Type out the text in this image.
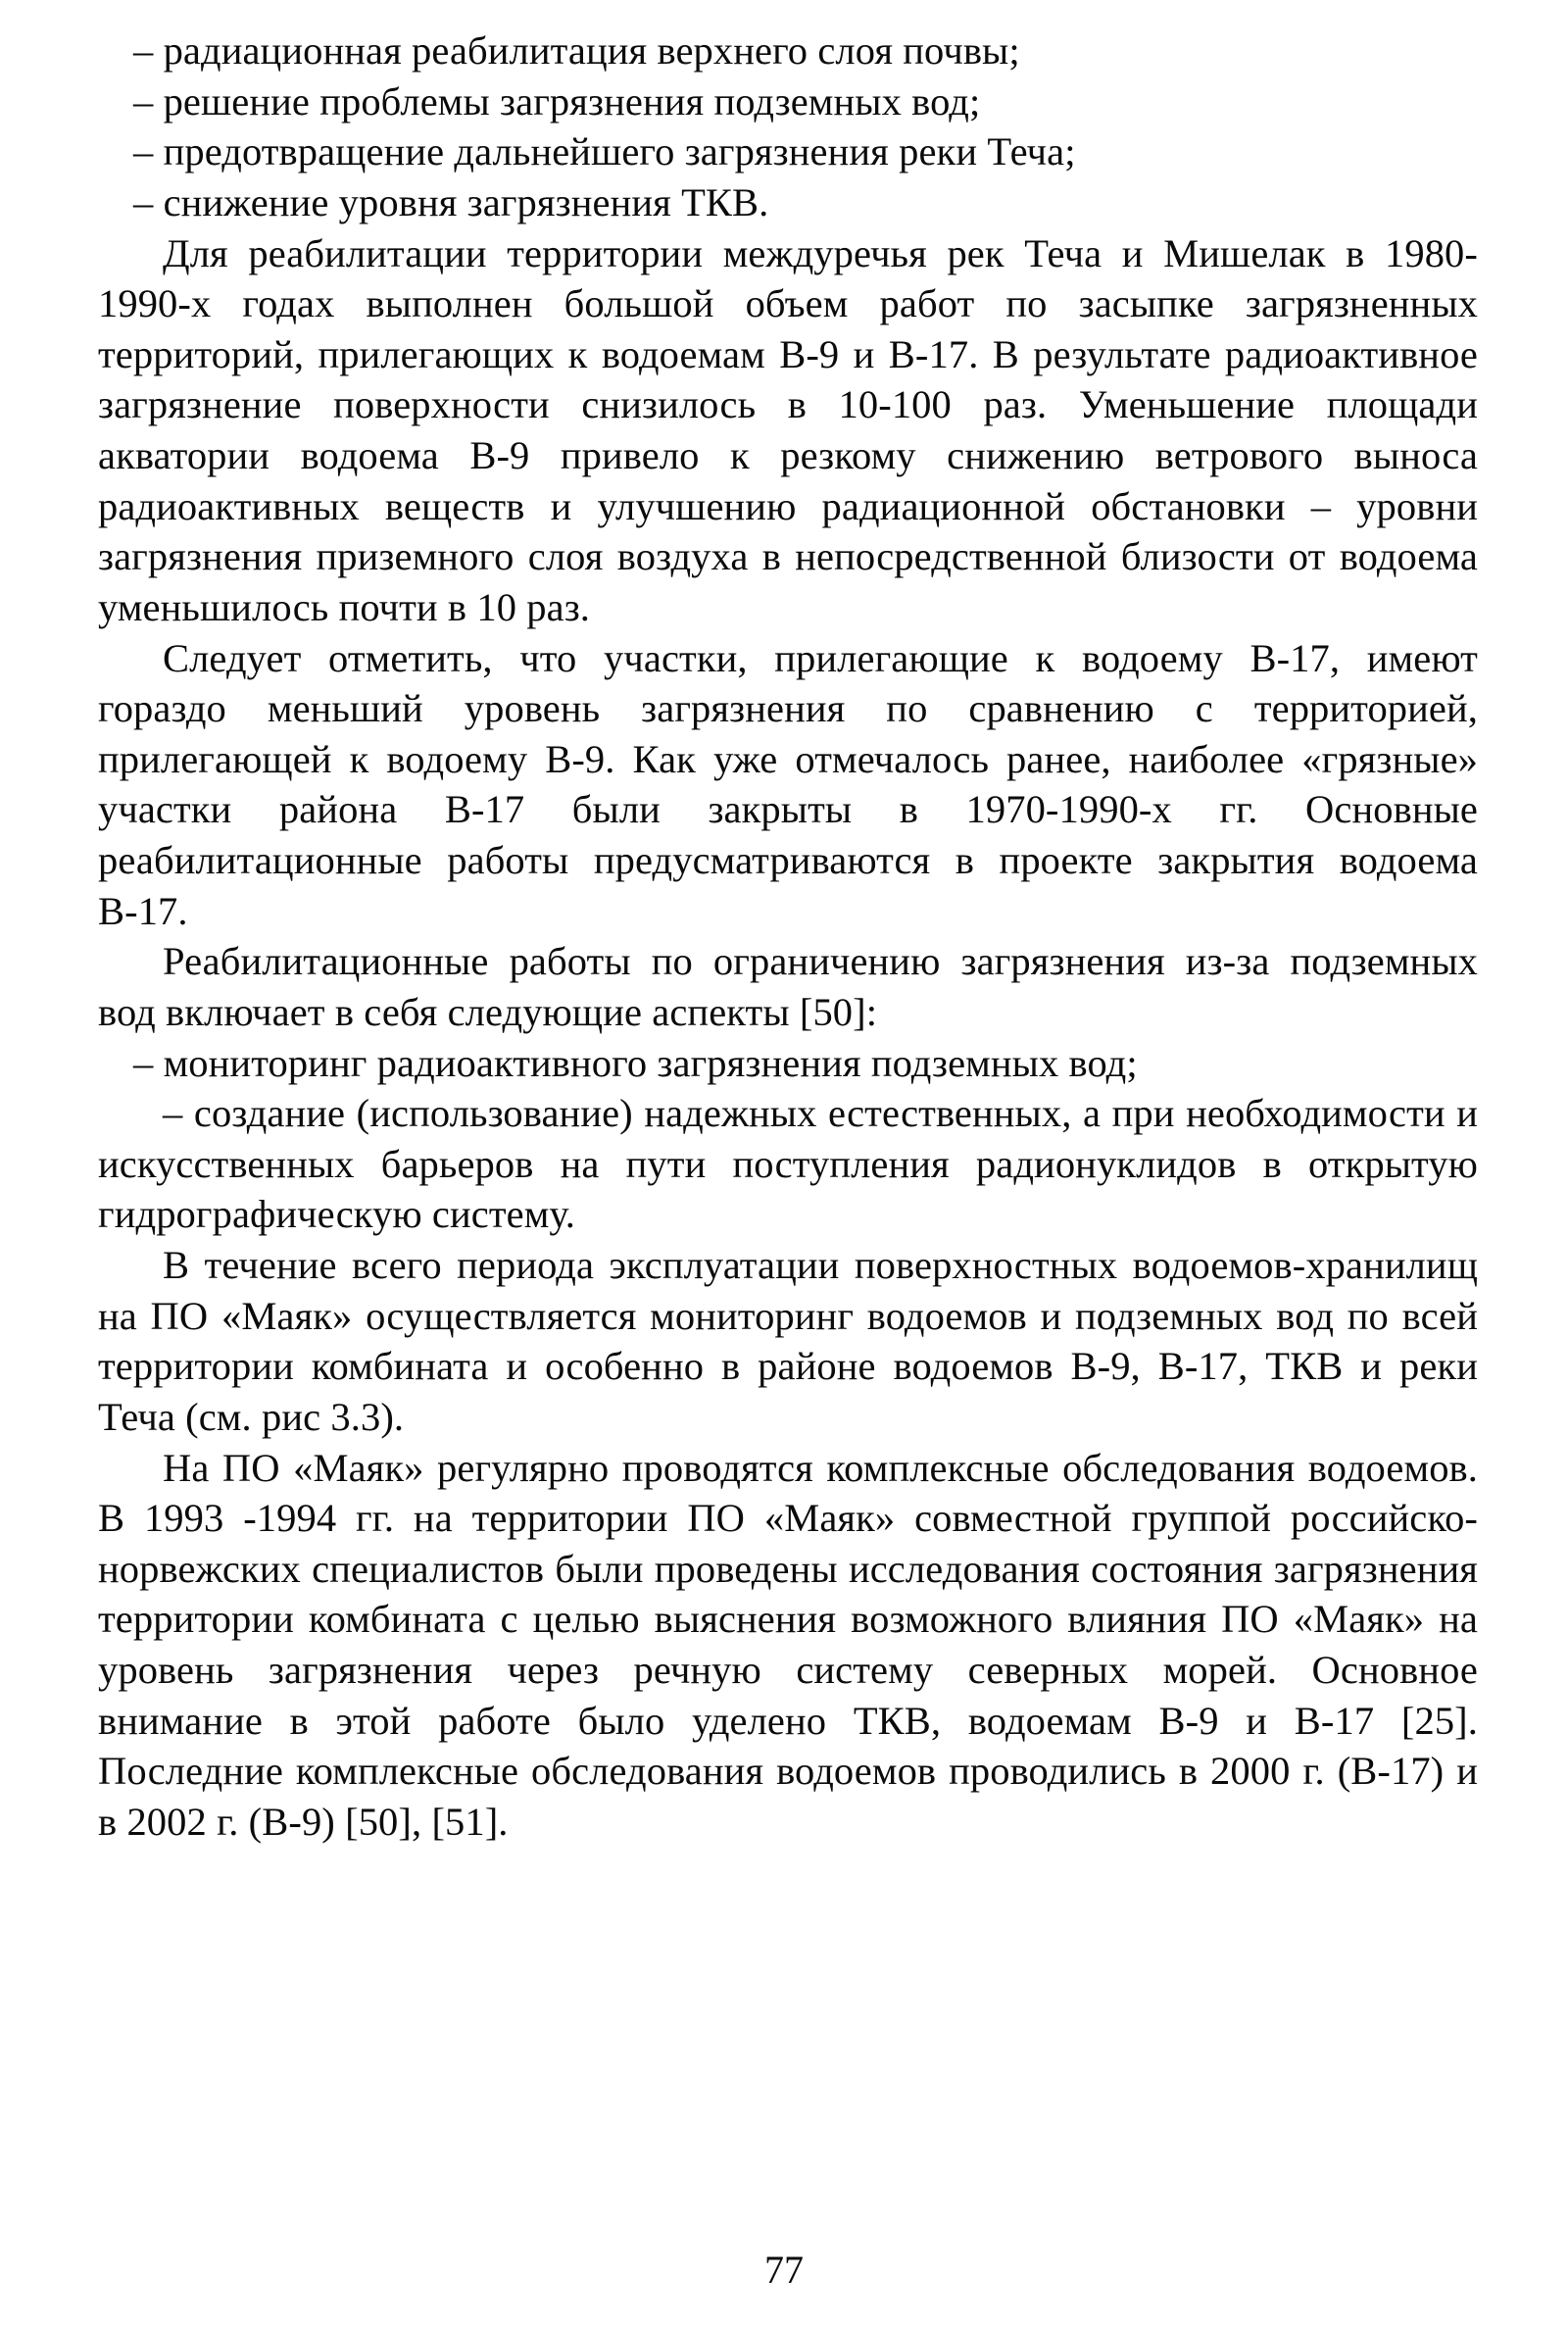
– радиационная реабилитация верхнего слоя почвы;

– решение проблемы загрязнения подземных вод;

– предотвращение дальнейшего загрязнения реки Теча;

– снижение уровня загрязнения ТКВ.

Для реабилитации территории междуречья рек Теча и Мишелак в 1980-1990-х годах выполнен большой объем работ по засыпке загрязненных территорий, прилегающих к водоемам В-9 и В-17. В результате радиоактивное загрязнение поверхности снизилось в 10-100 раз. Уменьшение площади акватории водоема В-9 привело к резкому снижению ветрового выноса радиоактивных веществ и улучшению радиационной обстановки – уровни загрязнения приземного слоя воздуха в непосредственной близости от водоема уменьшилось почти в 10 раз.

Следует отметить, что участки, прилегающие к водоему В-17, имеют гораздо меньший уровень загрязнения по сравнению с территорией, прилегающей к водоему В-9. Как уже отмечалось ранее, наиболее «грязные» участки района В-17 были закрыты в 1970-1990-х гг. Основные реабилитационные работы предусматриваются в проекте закрытия водоема В-17.

Реабилитационные работы по ограничению загрязнения из-за подземных вод включает в себя следующие аспекты [50]:

– мониторинг радиоактивного загрязнения подземных вод;

– создание (использование) надежных естественных, а при необходимости и искусственных барьеров на пути поступления радионуклидов в открытую гидрографическую систему.

В течение всего периода эксплуатации поверхностных водоемов-хранилищ на ПО «Маяк» осуществляется мониторинг водоемов и подземных вод по всей территории комбината и особенно в районе водоемов В-9, В-17, ТКВ и реки Теча (см. рис 3.3).

На ПО «Маяк» регулярно проводятся комплексные обследования водоемов. В 1993 -1994 гг. на территории ПО «Маяк» совместной группой российско-норвежских специалистов были проведены исследования состояния загрязнения территории комбината с целью выяснения возможного влияния ПО «Маяк» на уровень загрязнения через речную систему северных морей. Основное внимание в этой работе было уделено ТКВ, водоемам В-9 и В-17 [25]. Последние комплексные обследования водоемов проводились в 2000 г. (В-17) и в 2002 г. (В-9) [50], [51].

77
